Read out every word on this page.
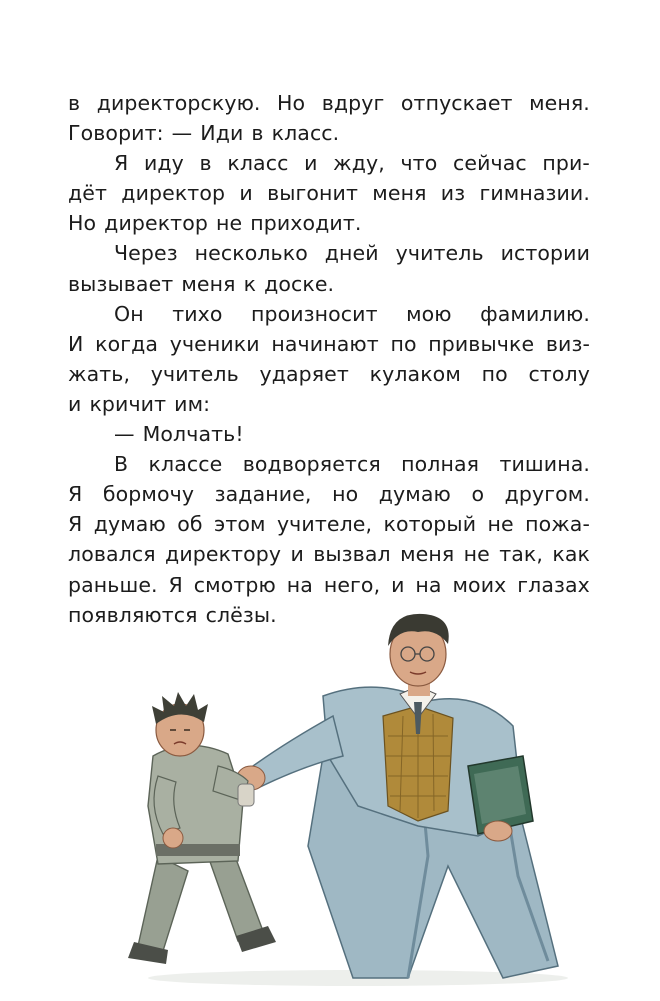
в директорскую. Но вдруг отпускает меня.
Говорит: — Иди в класс.
Я иду в класс и жду, что сейчас при-
дёт директор и выгонит меня из гимназии.
Но директор не приходит.
Через несколько дней учитель истории
вызывает меня к доске.
Он тихо произносит мою фамилию.
И когда ученики начинают по привычке виз-
жать, учитель ударяет кулаком по столу
и кричит им:
— Молчать!
В классе водворяется полная тишина.
Я бормочу задание, но думаю о другом.
Я думаю об этом учителе, который не пожа-
ловался директору и вызвал меня не так, как
раньше. Я смотрю на него, и на моих глазах
появляются слёзы.
